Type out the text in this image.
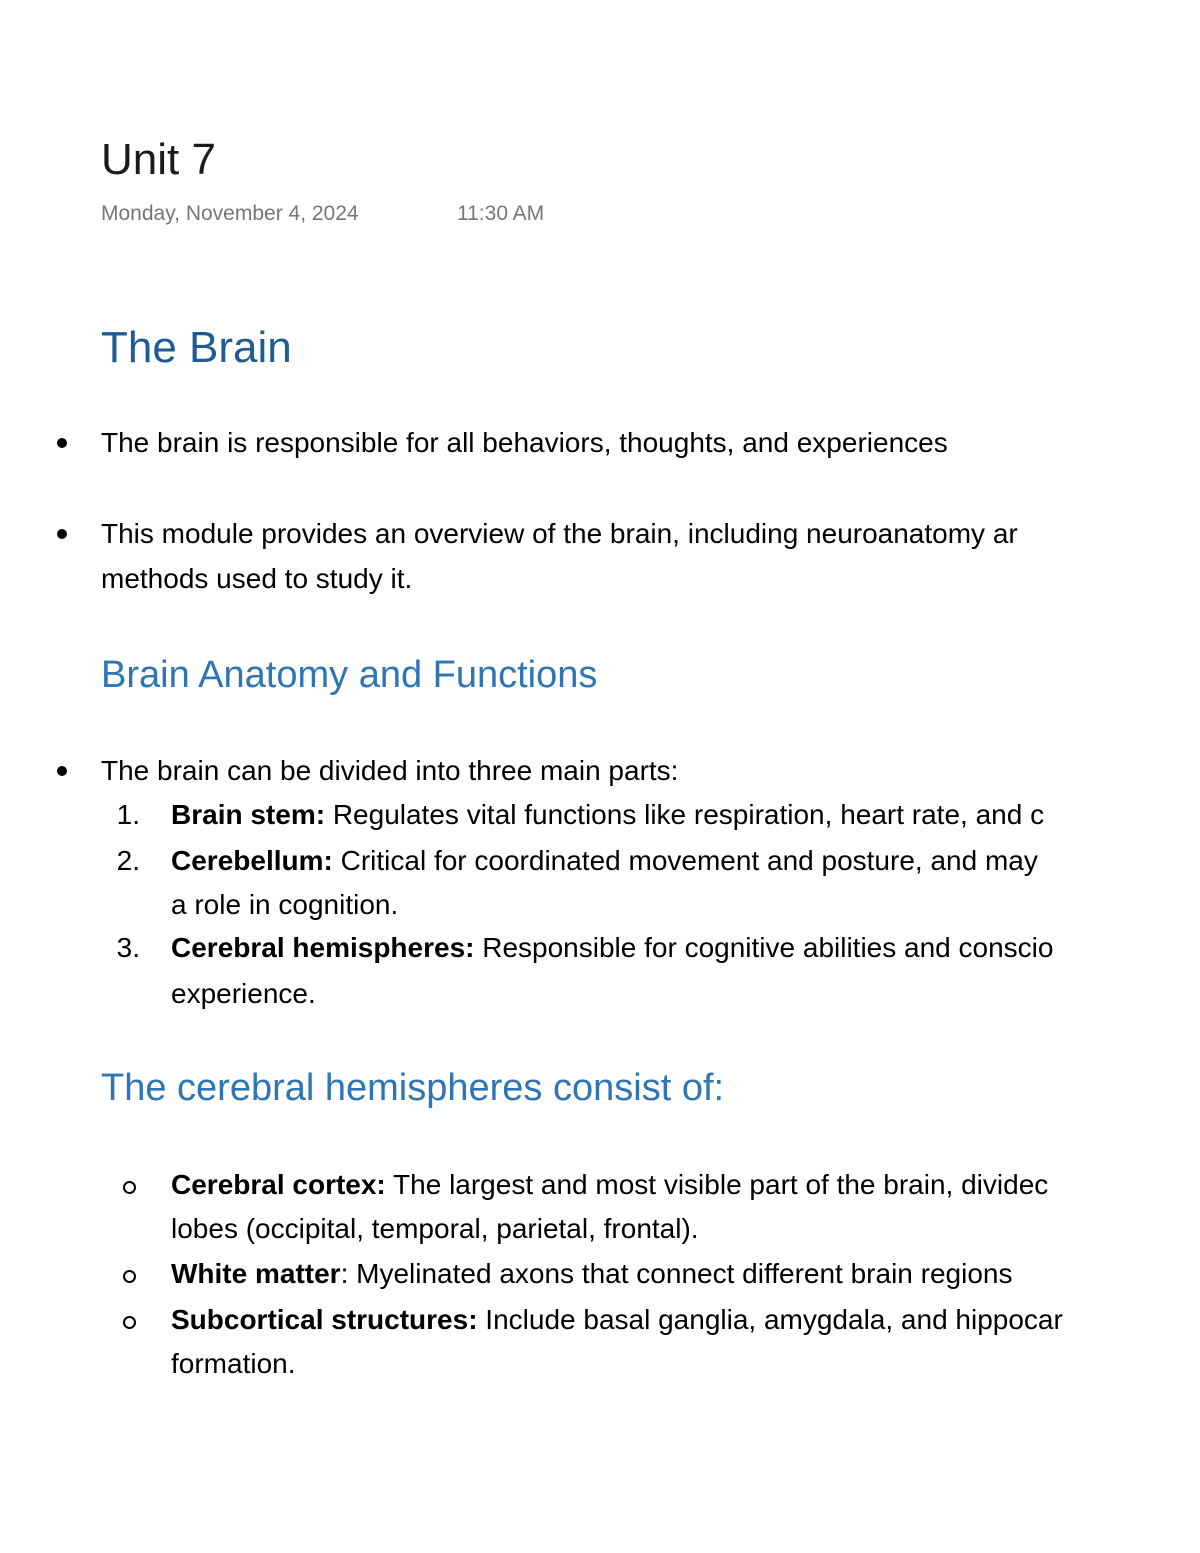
Unit 7
Monday, November 4, 2024	11:30 AM
The Brain
The brain is responsible for all behaviors, thoughts, and experiences
This module provides an overview of the brain, including neuroanatomy ar
methods used to study it.
Brain Anatomy and Functions
The brain can be divided into three main parts:
1. Brain stem: Regulates vital functions like respiration, heart rate, and c
2. Cerebellum: Critical for coordinated movement and posture, and may
a role in cognition.
3. Cerebral hemispheres: Responsible for cognitive abilities and conscio
experience.
The cerebral hemispheres consist of:
Cerebral cortex: The largest and most visible part of the brain, dividec
lobes (occipital, temporal, parietal, frontal).
White matter: Myelinated axons that connect different brain regions
Subcortical structures: Include basal ganglia, amygdala, and hippocar
formation.
